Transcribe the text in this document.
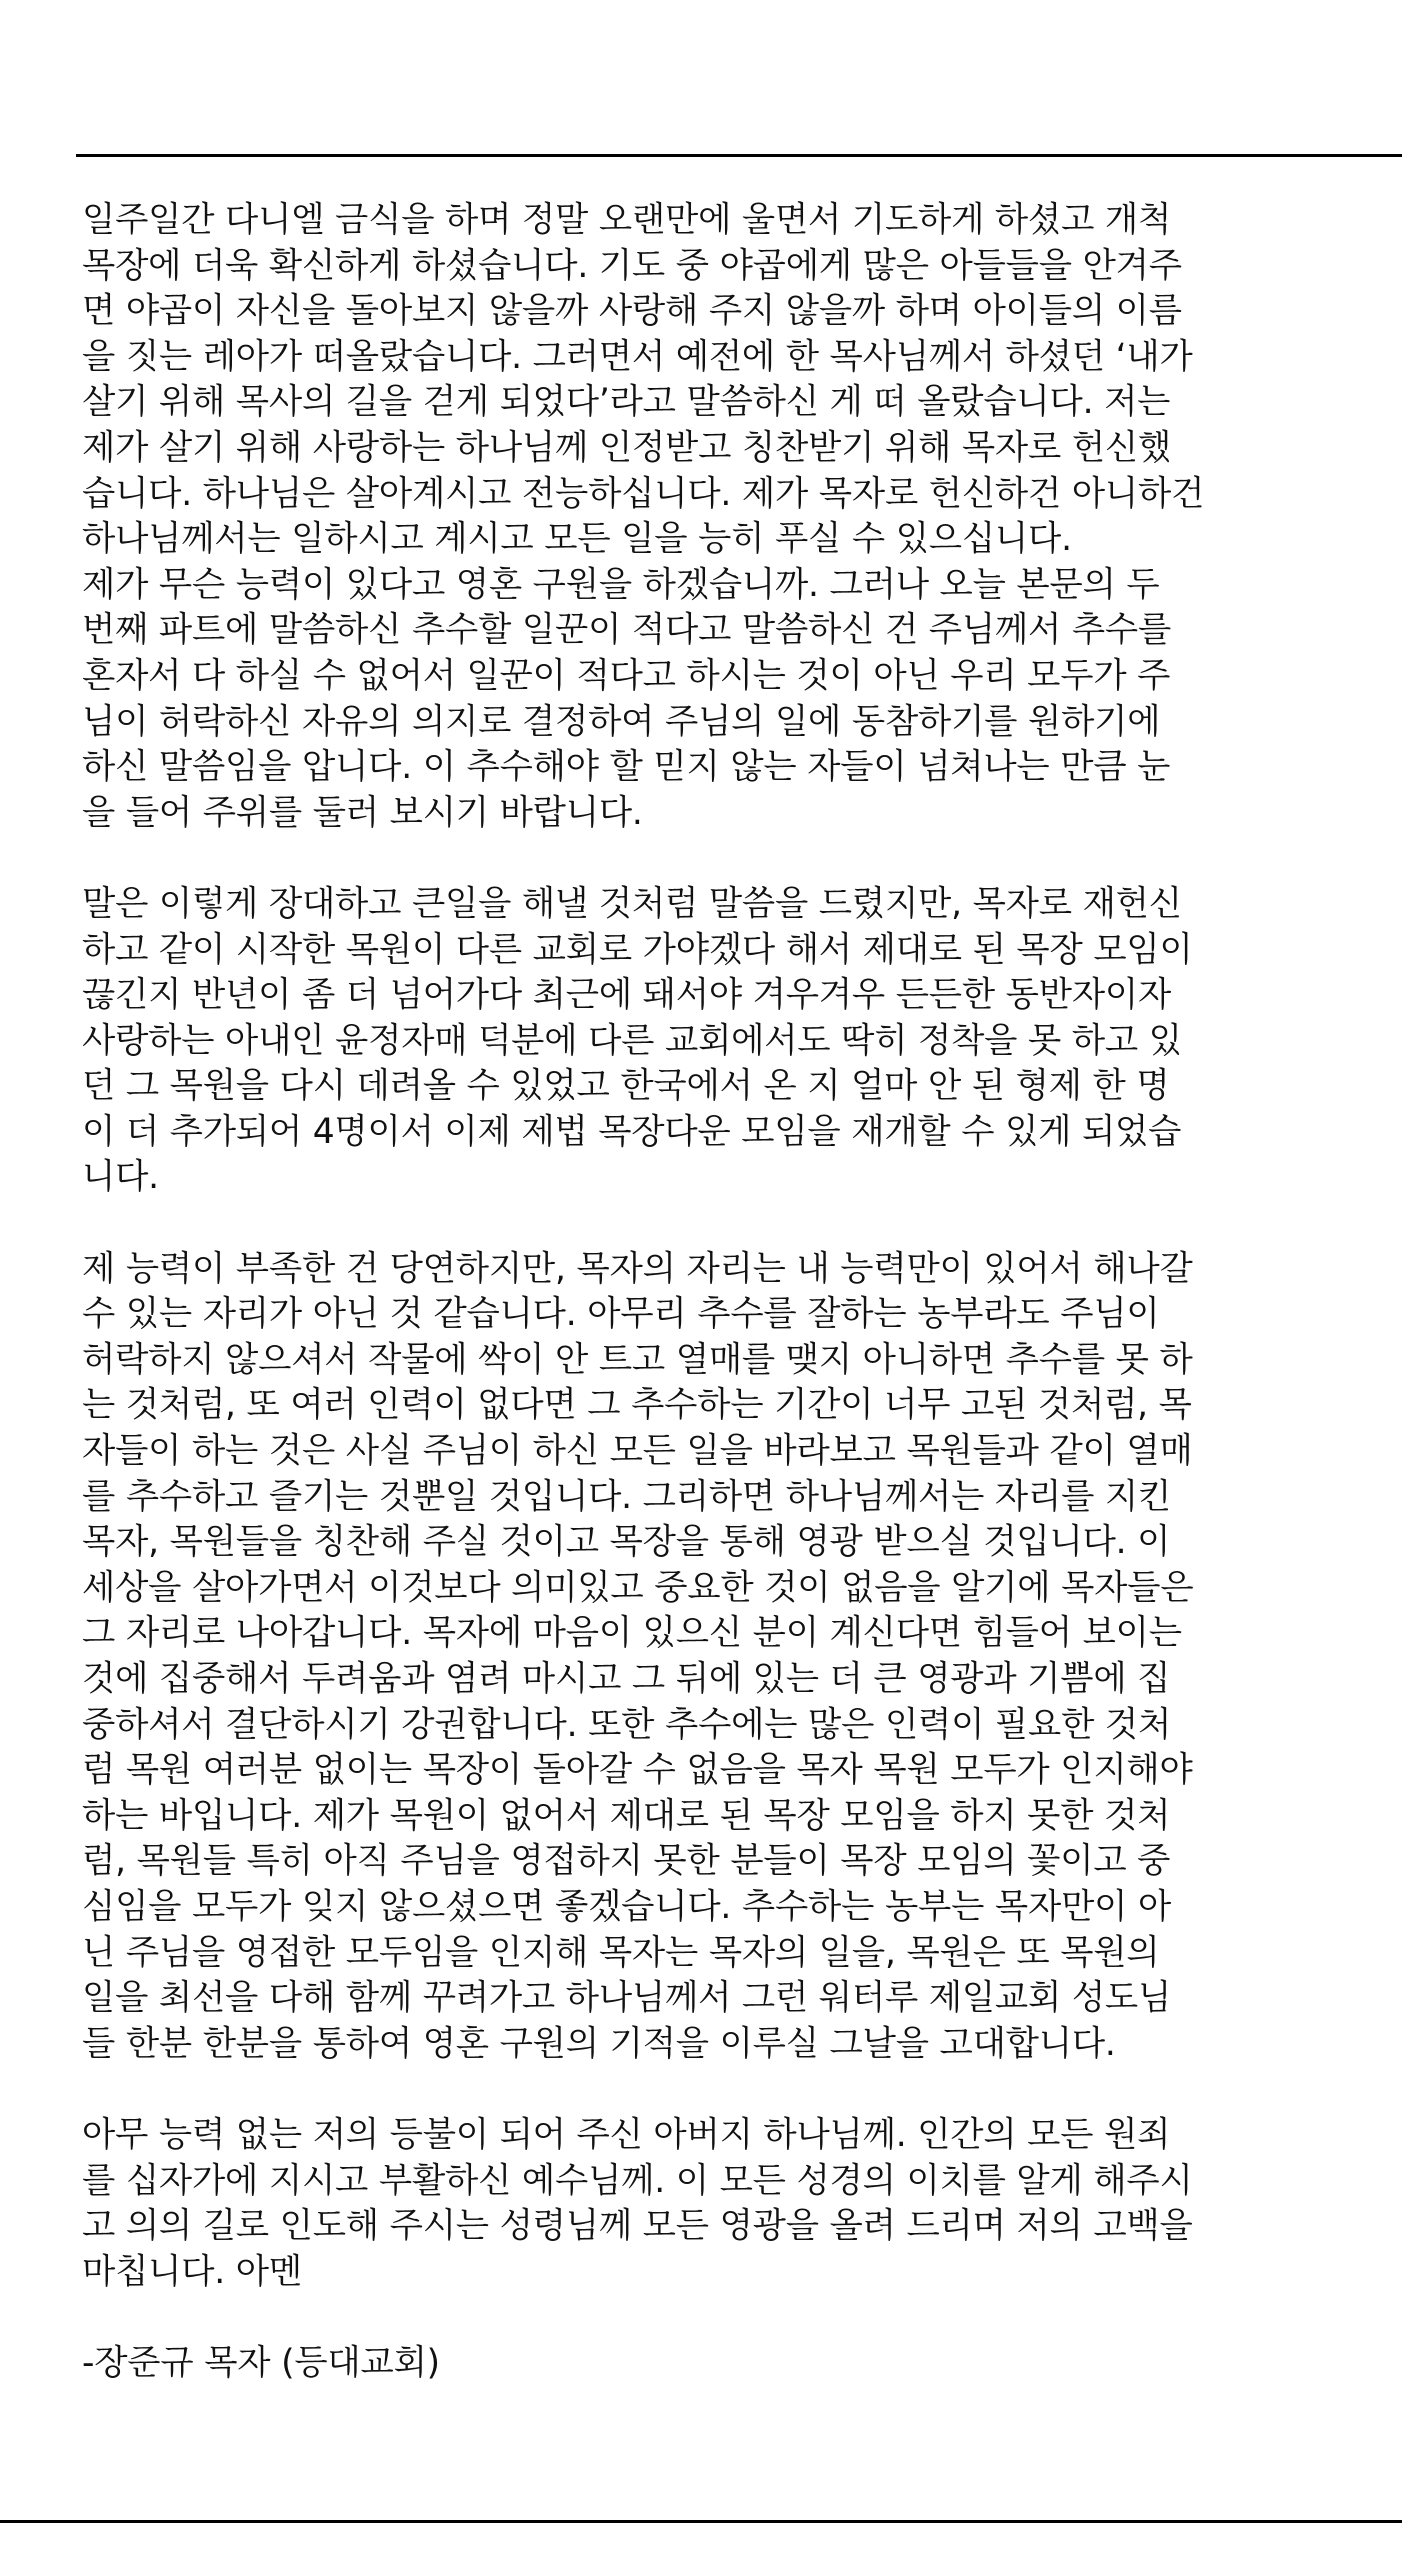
일주일간 다니엘 금식을 하며 정말 오랜만에 울면서 기도하게 하셨고 개척
목장에 더욱 확신하게 하셨습니다. 기도 중 야곱에게 많은 아들들을 안겨주
면 야곱이 자신을 돌아보지 않을까 사랑해 주지 않을까 하며 아이들의 이름
을 짓는 레아가 떠올랐습니다. 그러면서 예전에 한 목사님께서 하셨던 ‘내가
살기 위해 목사의 길을 걷게 되었다’라고 말씀하신 게 떠 올랐습니다. 저는
제가 살기 위해 사랑하는 하나님께 인정받고 칭찬받기 위해 목자로 헌신했
습니다. 하나님은 살아계시고 전능하십니다. 제가 목자로 헌신하건 아니하건
하나님께서는 일하시고 계시고 모든 일을 능히 푸실 수 있으십니다.
제가 무슨 능력이 있다고 영혼 구원을 하겠습니까. 그러나 오늘 본문의 두
번째 파트에 말씀하신 추수할 일꾼이 적다고 말씀하신 건 주님께서 추수를
혼자서 다 하실 수 없어서 일꾼이 적다고 하시는 것이 아닌 우리 모두가 주
님이 허락하신 자유의 의지로 결정하여 주님의 일에 동참하기를 원하기에
하신 말씀임을 압니다. 이 추수해야 할 믿지 않는 자들이 넘쳐나는 만큼 눈
을 들어 주위를 둘러 보시기 바랍니다.
말은 이렇게 장대하고 큰일을 해낼 것처럼 말씀을 드렸지만, 목자로 재헌신
하고 같이 시작한 목원이 다른 교회로 가야겠다 해서 제대로 된 목장 모임이
끊긴지 반년이 좀 더 넘어가다 최근에 돼서야 겨우겨우 든든한 동반자이자
사랑하는 아내인 윤정자매 덕분에 다른 교회에서도 딱히 정착을 못 하고 있
던 그 목원을 다시 데려올 수 있었고 한국에서 온 지 얼마 안 된 형제 한 명
이 더 추가되어 4명이서 이제 제법 목장다운 모임을 재개할 수 있게 되었습
니다.
제 능력이 부족한 건 당연하지만, 목자의 자리는 내 능력만이 있어서 해나갈
수 있는 자리가 아닌 것 같습니다. 아무리 추수를 잘하는 농부라도 주님이
허락하지 않으셔서 작물에 싹이 안 트고 열매를 맺지 아니하면 추수를 못 하
는 것처럼, 또 여러 인력이 없다면 그 추수하는 기간이 너무 고된 것처럼, 목
자들이 하는 것은 사실 주님이 하신 모든 일을 바라보고 목원들과 같이 열매
를 추수하고 즐기는 것뿐일 것입니다. 그리하면 하나님께서는 자리를 지킨
목자, 목원들을 칭찬해 주실 것이고 목장을 통해 영광 받으실 것입니다. 이
세상을 살아가면서 이것보다 의미있고 중요한 것이 없음을 알기에 목자들은
그 자리로 나아갑니다. 목자에 마음이 있으신 분이 계신다면 힘들어 보이는
것에 집중해서 두려움과 염려 마시고 그 뒤에 있는 더 큰 영광과 기쁨에 집
중하셔서 결단하시기 강권합니다. 또한 추수에는 많은 인력이 필요한 것처
럼 목원 여러분 없이는 목장이 돌아갈 수 없음을 목자 목원 모두가 인지해야
하는 바입니다. 제가 목원이 없어서 제대로 된 목장 모임을 하지 못한 것처
럼, 목원들 특히 아직 주님을 영접하지 못한 분들이 목장 모임의 꽃이고 중
심임을 모두가 잊지 않으셨으면 좋겠습니다. 추수하는 농부는 목자만이 아
닌 주님을 영접한 모두임을 인지해 목자는 목자의 일을, 목원은 또 목원의
일을 최선을 다해 함께 꾸려가고 하나님께서 그런 워터루 제일교회 성도님
들 한분 한분을 통하여 영혼 구원의 기적을 이루실 그날을 고대합니다.
아무 능력 없는 저의 등불이 되어 주신 아버지 하나님께. 인간의 모든 원죄
를 십자가에 지시고 부활하신 예수님께. 이 모든 성경의 이치를 알게 해주시
고 의의 길로 인도해 주시는 성령님께 모든 영광을 올려 드리며 저의 고백을
마칩니다. 아멘
-장준규 목자 (등대교회)
